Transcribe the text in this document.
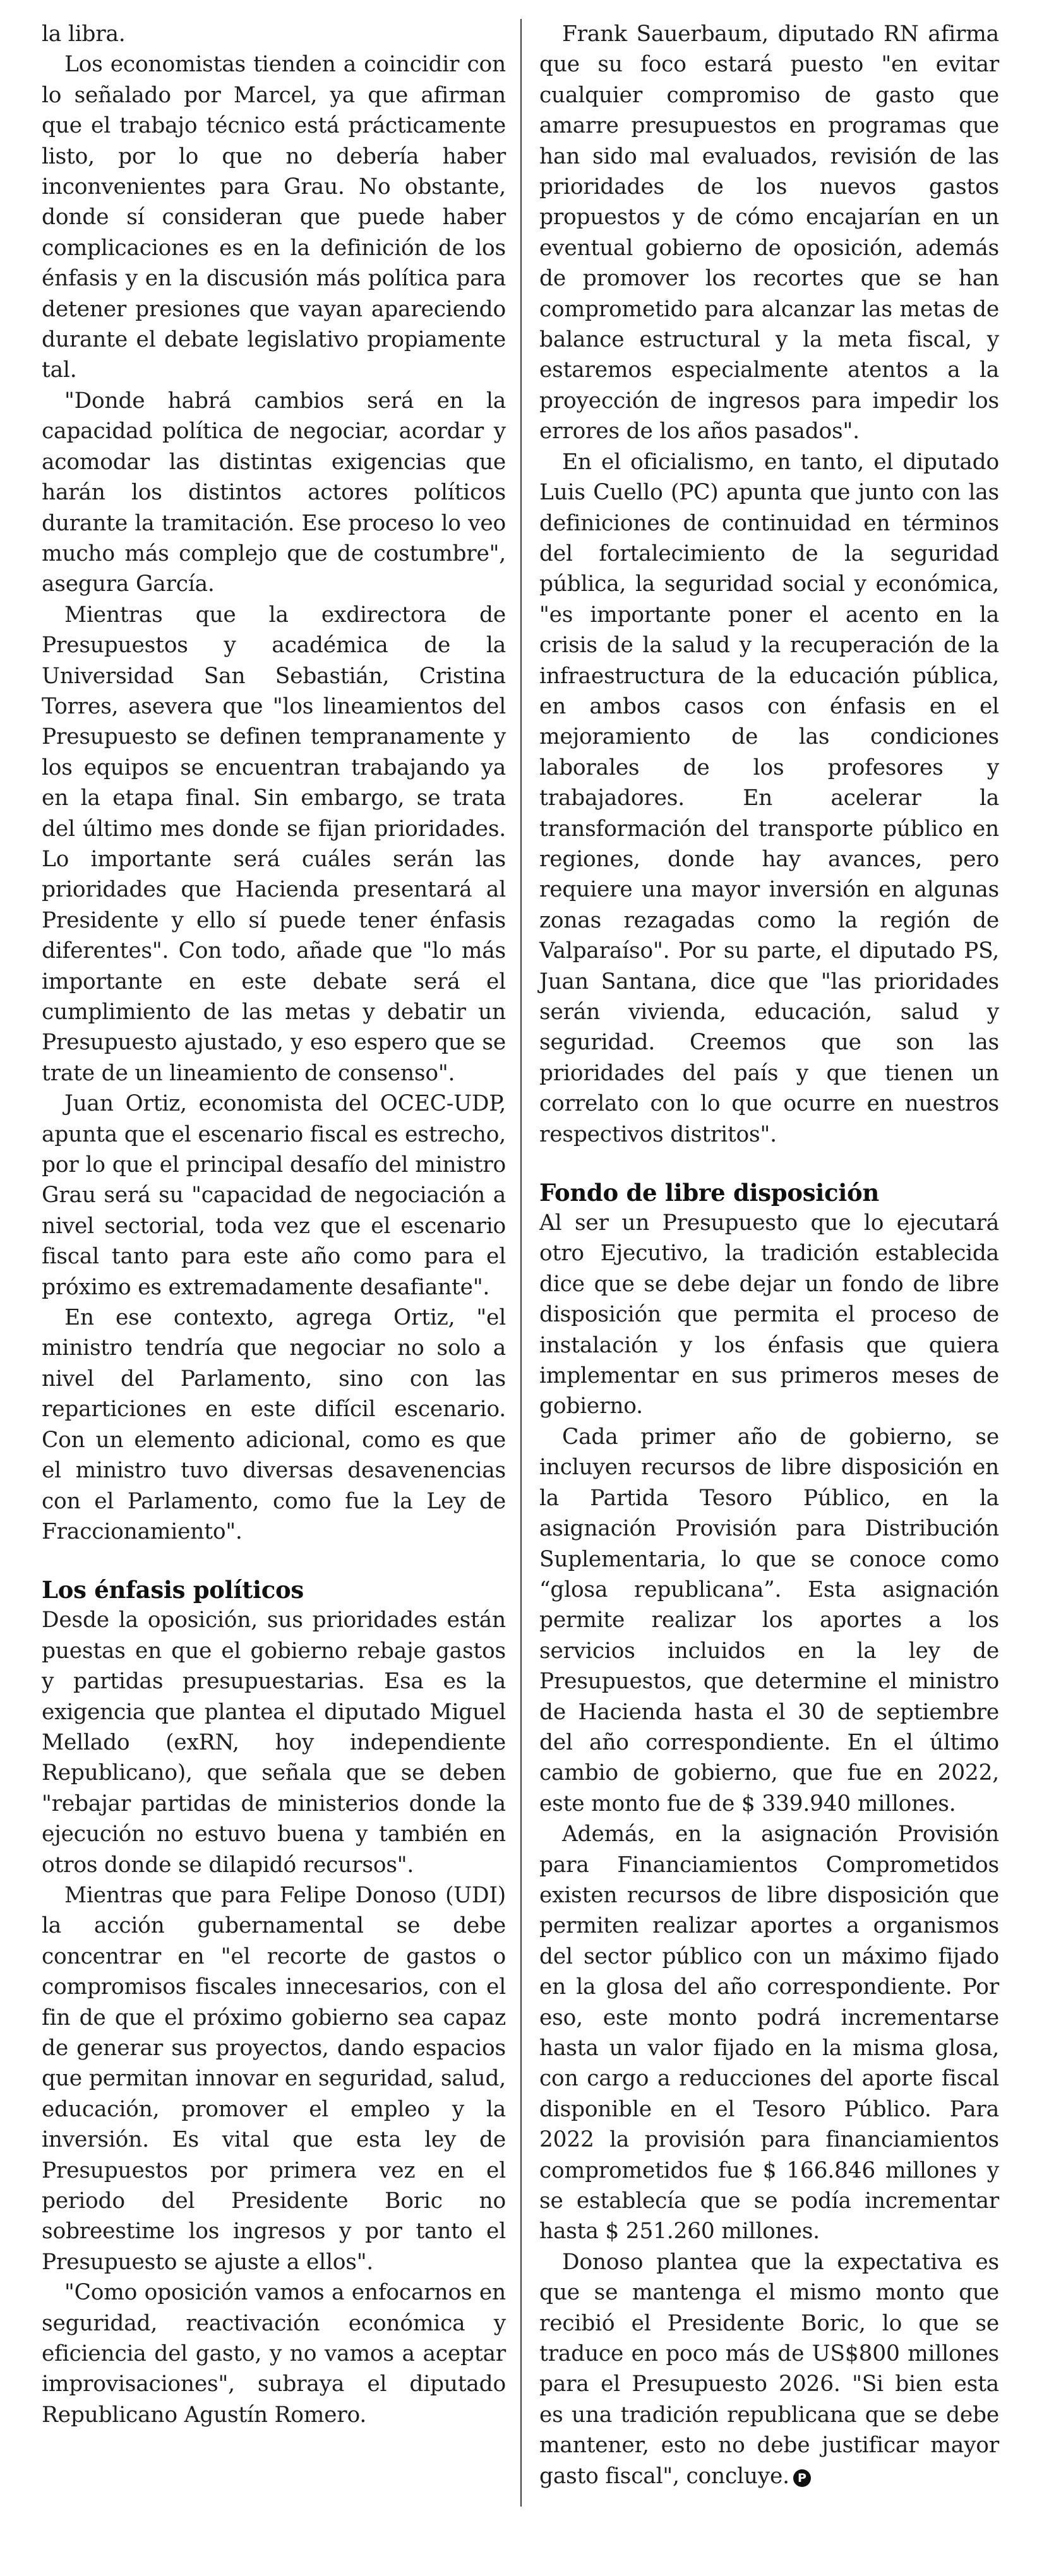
la libra.

Los economistas tienden a coincidir con lo señalado por Marcel, ya que afirman que el trabajo técnico está prácticamente listo, por lo que no debería haber inconvenientes para Grau. No obstante, donde sí consideran que puede haber complicaciones es en la definición de los énfasis y en la discusión más política para detener presiones que vayan apareciendo durante el debate legislativo propiamente tal.

"Donde habrá cambios será en la capacidad política de negociar, acordar y acomodar las distintas exigencias que harán los distintos actores políticos durante la tramitación. Ese proceso lo veo mucho más complejo que de costumbre", asegura García.

Mientras que la exdirectora de Presupuestos y académica de la Universidad San Sebastián, Cristina Torres, asevera que "los lineamientos del Presupuesto se definen tempranamente y los equipos se encuentran trabajando ya en la etapa final. Sin embargo, se trata del último mes donde se fijan prioridades. Lo importante será cuáles serán las prioridades que Hacienda presentará al Presidente y ello sí puede tener énfasis diferentes". Con todo, añade que "lo más importante en este debate será el cumplimiento de las metas y debatir un Presupuesto ajustado, y eso espero que se trate de un lineamiento de consenso".

Juan Ortiz, economista del OCEC-UDP, apunta que el escenario fiscal es estrecho, por lo que el principal desafío del ministro Grau será su "capacidad de negociación a nivel sectorial, toda vez que el escenario fiscal tanto para este año como para el próximo es extremadamente desafiante".

En ese contexto, agrega Ortiz, "el ministro tendría que negociar no solo a nivel del Parlamento, sino con las reparticiones en este difícil escenario. Con un elemento adicional, como es que el ministro tuvo diversas desavenencias con el Parlamento, como fue la Ley de Fraccionamiento".

Los énfasis políticos

Desde la oposición, sus prioridades están puestas en que el gobierno rebaje gastos y partidas presupuestarias. Esa es la exigencia que plantea el diputado Miguel Mellado (exRN, hoy independiente Republicano), que señala que se deben "rebajar partidas de ministerios donde la ejecución no estuvo buena y también en otros donde se dilapidó recursos".

Mientras que para Felipe Donoso (UDI) la acción gubernamental se debe concentrar en "el recorte de gastos o compromisos fiscales innecesarios, con el fin de que el próximo gobierno sea capaz de generar sus proyectos, dando espacios que permitan innovar en seguridad, salud, educación, promover el empleo y la inversión. Es vital que esta ley de Presupuestos por primera vez en el periodo del Presidente Boric no sobreestime los ingresos y por tanto el Presupuesto se ajuste a ellos".

"Como oposición vamos a enfocarnos en seguridad, reactivación económica y eficiencia del gasto, y no vamos a aceptar improvisaciones", subraya el diputado Republicano Agustín Romero.

Frank Sauerbaum, diputado RN afirma que su foco estará puesto "en evitar cualquier compromiso de gasto que amarre presupuestos en programas que han sido mal evaluados, revisión de las prioridades de los nuevos gastos propuestos y de cómo encajarían en un eventual gobierno de oposición, además de promover los recortes que se han comprometido para alcanzar las metas de balance estructural y la meta fiscal, y estaremos especialmente atentos a la proyección de ingresos para impedir los errores de los años pasados".

En el oficialismo, en tanto, el diputado Luis Cuello (PC) apunta que junto con las definiciones de continuidad en términos del fortalecimiento de la seguridad pública, la seguridad social y económica, "es importante poner el acento en la crisis de la salud y la recuperación de la infraestructura de la educación pública, en ambos casos con énfasis en el mejoramiento de las condiciones laborales de los profesores y trabajadores. En acelerar la transformación del transporte público en regiones, donde hay avances, pero requiere una mayor inversión en algunas zonas rezagadas como la región de Valparaíso". Por su parte, el diputado PS, Juan Santana, dice que "las prioridades serán vivienda, educación, salud y seguridad. Creemos que son las prioridades del país y que tienen un correlato con lo que ocurre en nuestros respectivos distritos".

Fondo de libre disposición

Al ser un Presupuesto que lo ejecutará otro Ejecutivo, la tradición establecida dice que se debe dejar un fondo de libre disposición que permita el proceso de instalación y los énfasis que quiera implementar en sus primeros meses de gobierno.

Cada primer año de gobierno, se incluyen recursos de libre disposición en la Partida Tesoro Público, en la asignación Provisión para Distribución Suplementaria, lo que se conoce como “glosa republicana”. Esta asignación permite realizar los aportes a los servicios incluidos en la ley de Presupuestos, que determine el ministro de Hacienda hasta el 30 de septiembre del año correspondiente. En el último cambio de gobierno, que fue en 2022, este monto fue de $ 339.940 millones.

Además, en la asignación Provisión para Financiamientos Comprometidos existen recursos de libre disposición que permiten realizar aportes a organismos del sector público con un máximo fijado en la glosa del año correspondiente. Por eso, este monto podrá incrementarse hasta un valor fijado en la misma glosa, con cargo a reducciones del aporte fiscal disponible en el Tesoro Público. Para 2022 la provisión para financiamientos comprometidos fue $ 166.846 millones y se establecía que se podía incrementar hasta $ 251.260 millones.

Donoso plantea que la expectativa es que se mantenga el mismo monto que recibió el Presidente Boric, lo que se traduce en poco más de US$800 millones para el Presupuesto 2026. "Si bien esta es una tradición republicana que se debe mantener, esto no debe justificar mayor gasto fiscal", concluye. P
